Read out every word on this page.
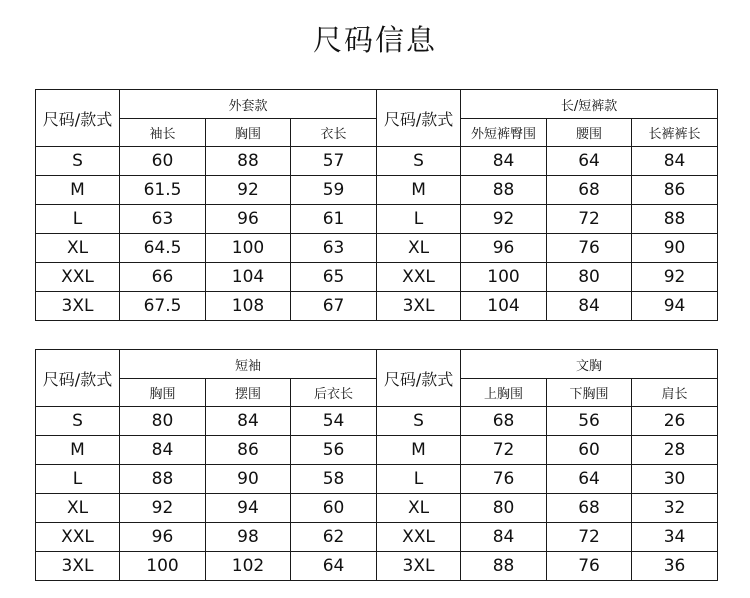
尺码信息
尺码/款式	外套款			尺码/款式	长/短裤款		
	袖长	胸围	衣长		外短裤臀围	腰围	长裤裤长
S	60	88	57	S	84	64	84
M	61.5	92	59	M	88	68	86
L	63	96	61	L	92	72	88
XL	64.5	100	63	XL	96	76	90
XXL	66	104	65	XXL	100	80	92
3XL	67.5	108	67	3XL	104	84	94
尺码/款式	短袖			尺码/款式	文胸		
	胸围	摆围	后衣长		上胸围	下胸围	肩长
S	80	84	54	S	68	56	26
M	84	86	56	M	72	60	28
L	88	90	58	L	76	64	30
XL	92	94	60	XL	80	68	32
XXL	96	98	62	XXL	84	72	34
3XL	100	102	64	3XL	88	76	36
